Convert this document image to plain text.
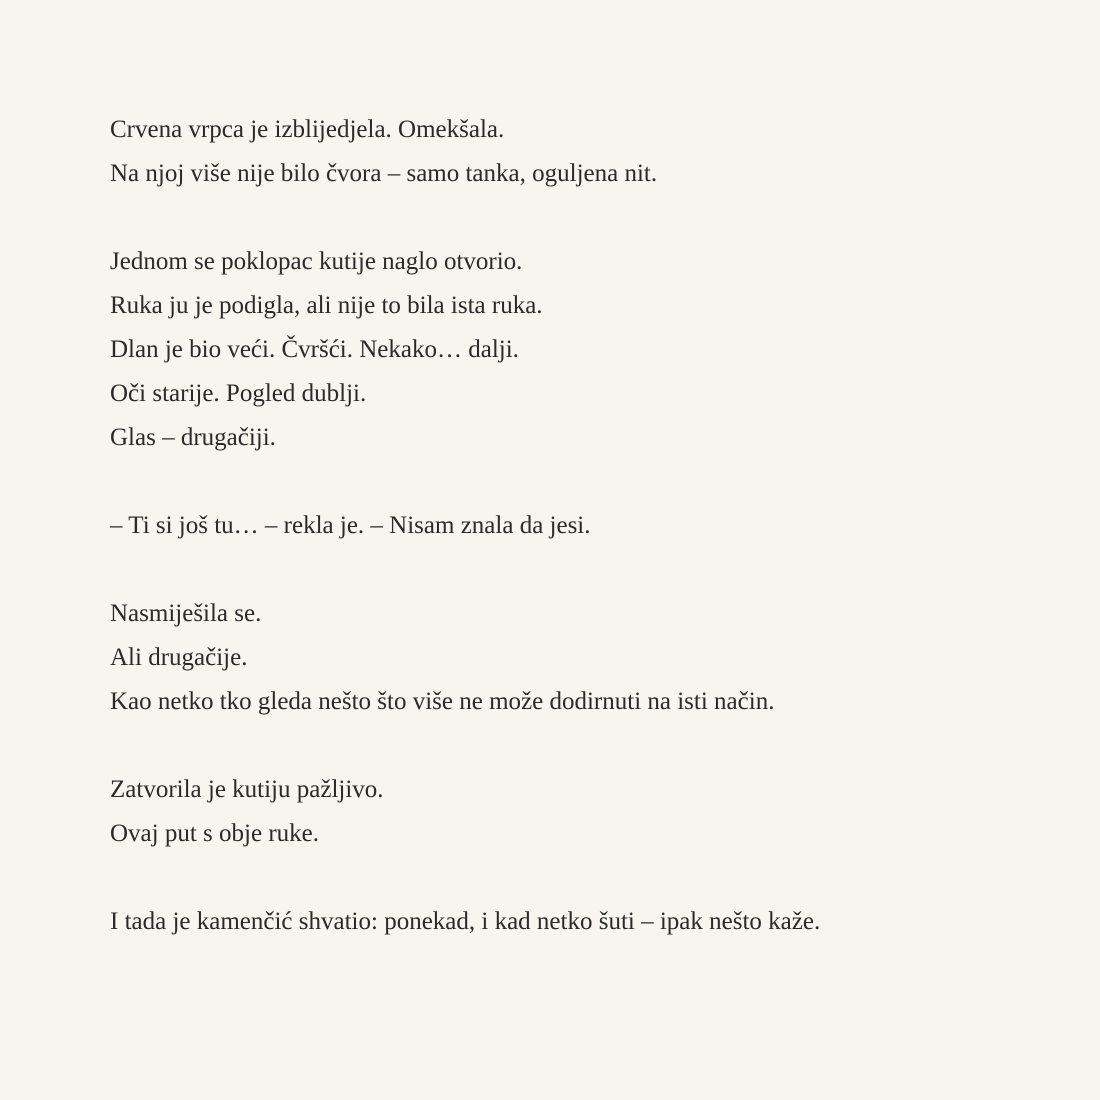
Crvena vrpca je izblijedjela. Omekšala.
Na njoj više nije bilo čvora – samo tanka, oguljena nit.

Jednom se poklopac kutije naglo otvorio.
Ruka ju je podigla, ali nije to bila ista ruka.
Dlan je bio veći. Čvršći. Nekako… dalji.
Oči starije. Pogled dublji.
Glas – drugačiji.

– Ti si još tu… – rekla je. – Nisam znala da jesi.

Nasmiješila se.
Ali drugačije.
Kao netko tko gleda nešto što više ne može dodirnuti na isti način.

Zatvorila je kutiju pažljivo.
Ovaj put s obje ruke.

I tada je kamenčić shvatio: ponekad, i kad netko šuti – ipak nešto kaže.
